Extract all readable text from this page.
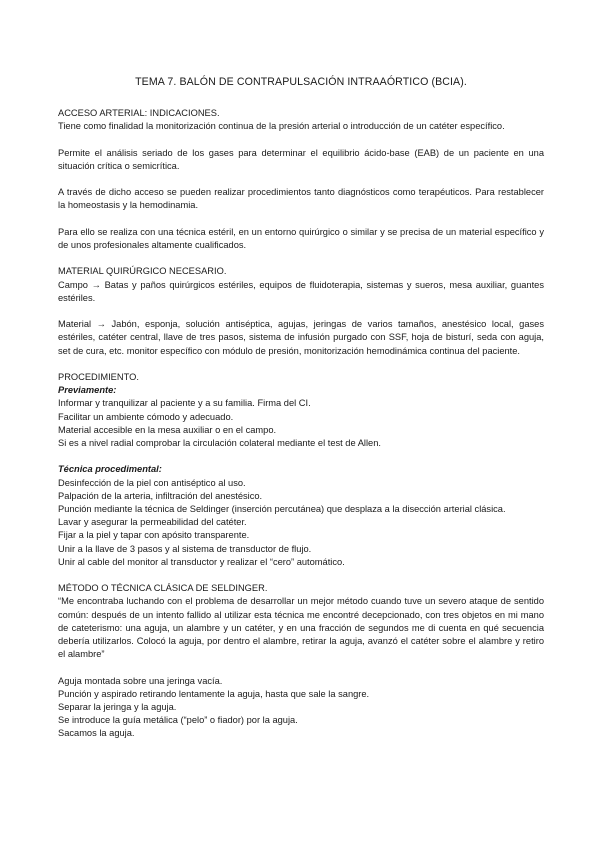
TEMA 7. BALÓN DE CONTRAPULSACIÓN INTRAAÓRTICO (BCIA).
ACCESO ARTERIAL: INDICACIONES.

Tiene como finalidad la monitorización continua de la presión arterial o introducción de un catéter específico.

Permite el análisis seriado de los gases para determinar el equilibrio ácido-base (EAB) de un paciente en una situación crítica o semicrítica.

A través de dicho acceso se pueden realizar procedimientos tanto diagnósticos como terapéuticos. Para restablecer la homeostasis y la hemodinamia.

Para ello se realiza con una técnica estéril, en un entorno quirúrgico o similar y se precisa de un material específico y de unos profesionales altamente cualificados.

MATERIAL QUIRÚRGICO NECESARIO.

Campo → Batas y paños quirúrgicos estériles, equipos de fluidoterapia, sistemas y sueros, mesa auxiliar, guantes estériles.

Material → Jabón, esponja, solución antiséptica, agujas, jeringas de varios tamaños, anestésico local, gases estériles, catéter central, llave de tres pasos, sistema de infusión purgado con SSF, hoja de bisturí, seda con aguja, set de cura, etc. monitor específico con módulo de presión, monitorización hemodinámica continua del paciente.

PROCEDIMIENTO.
Previamente:

Informar y tranquilizar al paciente y a su familia. Firma del CI.

Facilitar un ambiente cómodo y adecuado.

Material accesible en la mesa auxiliar o en el campo.

Si es a nivel radial comprobar la circulación colateral mediante el test de Allen.

Técnica procedimental:

Desinfección de la piel con antiséptico al uso.

Palpación de la arteria, infiltración del anestésico.

Punción mediante la técnica de Seldinger (inserción percutánea) que desplaza a la disección arterial clásica.

Lavar y asegurar la permeabilidad del catéter.

Fijar a la piel y tapar con apósito transparente.

Unir a la llave de 3 pasos y al sistema de transductor de flujo.

Unir al cable del monitor al transductor y realizar el “cero” automático.

MÉTODO O TÉCNICA CLÁSICA DE SELDINGER.

“Me encontraba luchando con el problema de desarrollar un mejor método cuando tuve un severo ataque de sentido común: después de un intento fallido al utilizar esta técnica me encontré decepcionado, con tres objetos en mi mano de cateterismo: una aguja, un alambre y un catéter, y en una fracción de segundos me di cuenta en qué secuencia debería utilizarlos. Colocó la aguja, por dentro el alambre, retirar la aguja, avanzó el catéter sobre el alambre y retiro el alambre”

Aguja montada sobre una jeringa vacía.

Punción y aspirado retirando lentamente la aguja, hasta que sale la sangre.

Separar la jeringa y la aguja.

Se introduce la guía metálica (“pelo” o fiador) por la aguja.

Sacamos la aguja.
